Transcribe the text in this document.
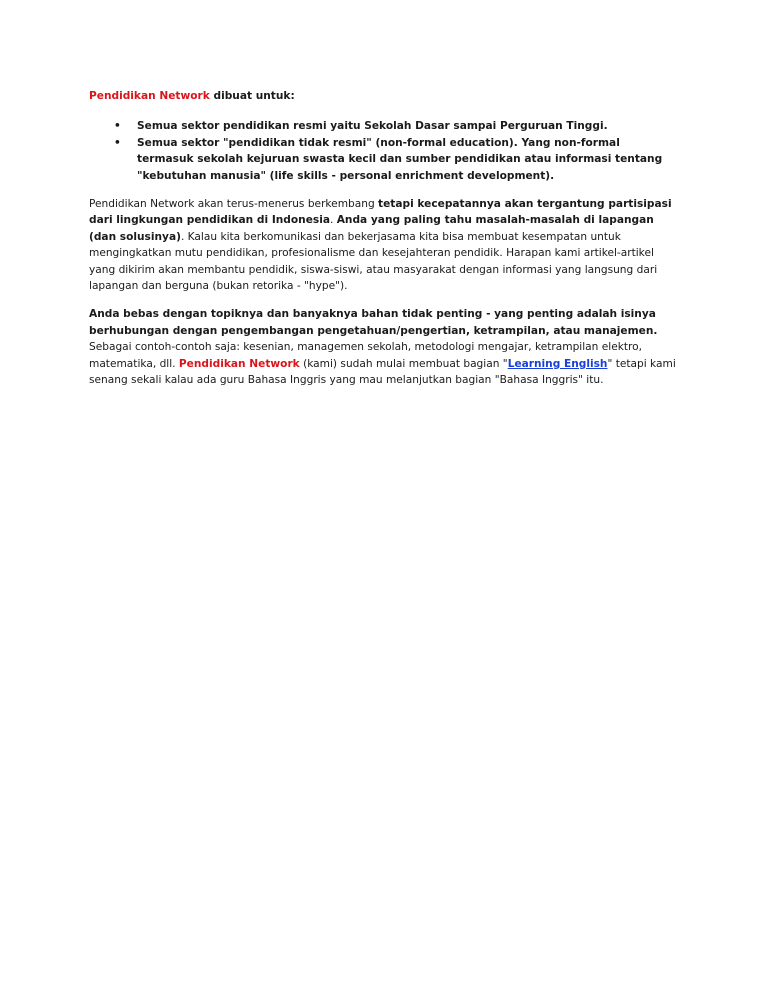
Pendidikan Network dibuat untuk:

• Semua sektor pendidikan resmi yaitu Sekolah Dasar sampai Perguruan Tinggi.
• Semua sektor "pendidikan tidak resmi" (non-formal education). Yang non-formal termasuk sekolah kejuruan swasta kecil dan sumber pendidikan atau informasi tentang "kebutuhan manusia" (life skills - personal enrichment development).

Pendidikan Network akan terus-menerus berkembang tetapi kecepatannya akan tergantung partisipasi dari lingkungan pendidikan di Indonesia. Anda yang paling tahu masalah-masalah di lapangan (dan solusinya). Kalau kita berkomunikasi dan bekerjasama kita bisa membuat kesempatan untuk mengingkatkan mutu pendidikan, profesionalisme dan kesejahteran pendidik. Harapan kami artikel-artikel yang dikirim akan membantu pendidik, siswa-siswi, atau masyarakat dengan informasi yang langsung dari lapangan dan berguna (bukan retorika - "hype").

Anda bebas dengan topiknya dan banyaknya bahan tidak penting - yang penting adalah isinya berhubungan dengan pengembangan pengetahuan/pengertian, ketrampilan, atau manajemen. Sebagai contoh-contoh saja: kesenian, managemen sekolah, metodologi mengajar, ketrampilan elektro, matematika, dll. Pendidikan Network (kami) sudah mulai membuat bagian "Learning English" tetapi kami senang sekali kalau ada guru Bahasa Inggris yang mau melanjutkan bagian "Bahasa Inggris" itu.
